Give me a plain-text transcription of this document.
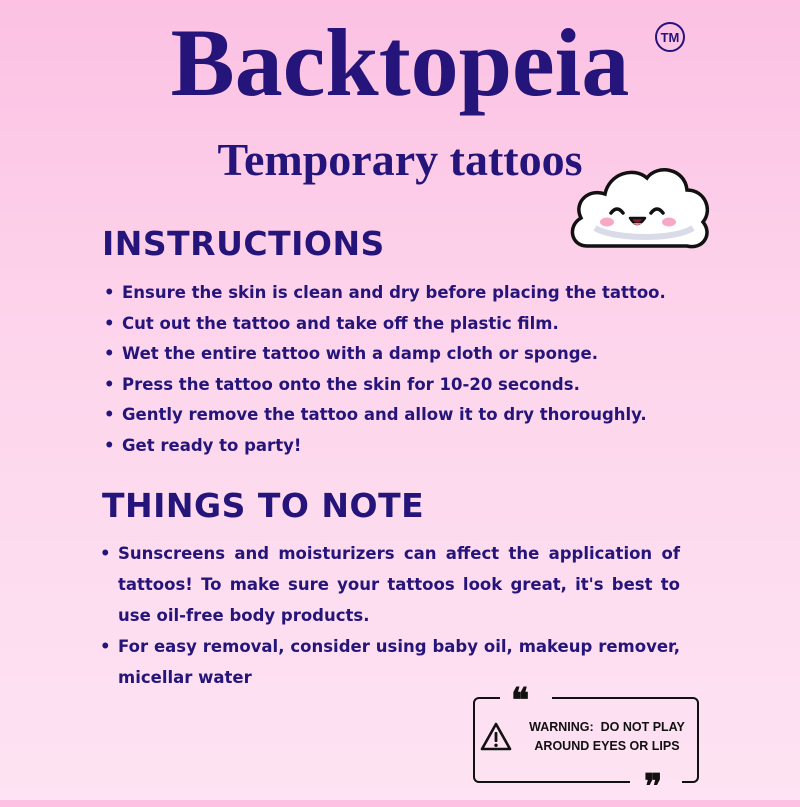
Backtopeia	TM
Temporary tattoos
INSTRUCTIONS
• Ensure the skin is clean and dry before placing the tattoo.
• Cut out the tattoo and take off the plastic film.
• Wet the entire tattoo with a damp cloth or sponge.
• Press the tattoo onto the skin for 10-20 seconds.
• Gently remove the tattoo and allow it to dry thoroughly.
• Get ready to party!
THINGS TO NOTE
• Sunscreens and moisturizers can affect the application of tattoos! To make sure your tattoos look great, it's best to use oil-free body products.
• For easy removal, consider using baby oil, makeup remover, micellar water
❝
❞
WARNING:  DO NOT PLAY
AROUND EYES OR LIPS
